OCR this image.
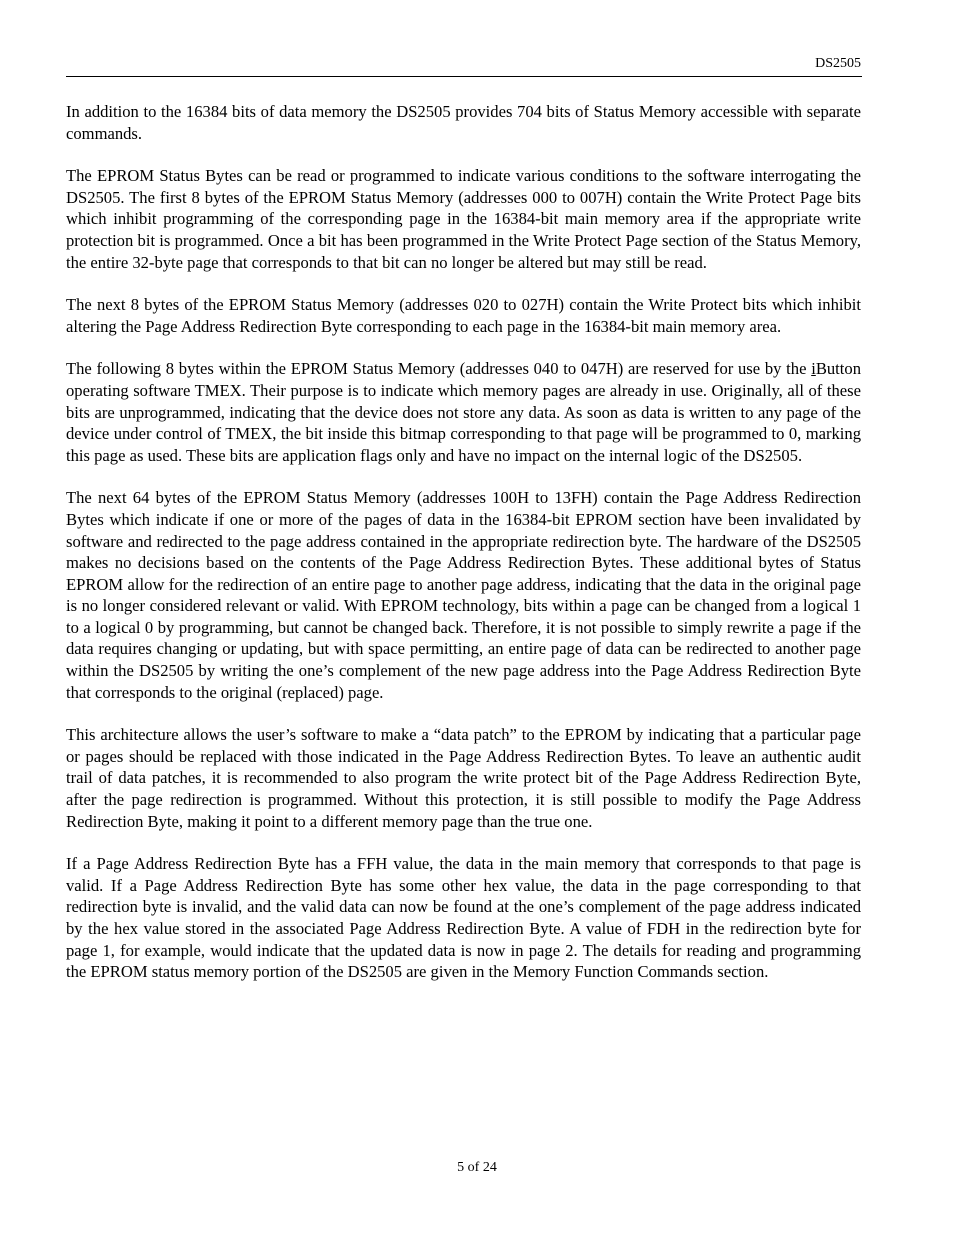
DS2505

In addition to the 16384 bits of data memory the DS2505 provides 704 bits of Status Memory accessible with separate commands.

The EPROM Status Bytes can be read or programmed to indicate various conditions to the software interrogating the DS2505. The first 8 bytes of the EPROM Status Memory (addresses 000 to 007H) contain the Write Protect Page bits which inhibit programming of the corresponding page in the 16384-bit main memory area if the appropriate write protection bit is programmed. Once a bit has been programmed in the Write Protect Page section of the Status Memory, the entire 32-byte page that corresponds to that bit can no longer be altered but may still be read.

The next 8 bytes of the EPROM Status Memory (addresses 020 to 027H) contain the Write Protect bits which inhibit altering the Page Address Redirection Byte corresponding to each page in the 16384-bit main memory area.

The following 8 bytes within the EPROM Status Memory (addresses 040 to 047H) are reserved for use by the iButton operating software TMEX. Their purpose is to indicate which memory pages are already in use. Originally, all of these bits are unprogrammed, indicating that the device does not store any data. As soon as data is written to any page of the device under control of TMEX, the bit inside this bitmap corresponding to that page will be programmed to 0, marking this page as used. These bits are application flags only and have no impact on the internal logic of the DS2505.

The next 64 bytes of the EPROM Status Memory (addresses 100H to 13FH) contain the Page Address Redirection Bytes which indicate if one or more of the pages of data in the 16384-bit EPROM section have been invalidated by software and redirected to the page address contained in the appropriate redirection byte. The hardware of the DS2505 makes no decisions based on the contents of the Page Address Redirection Bytes. These additional bytes of Status EPROM allow for the redirection of an entire page to another page address, indicating that the data in the original page is no longer considered relevant or valid. With EPROM technology, bits within a page can be changed from a logical 1 to a logical 0 by programming, but cannot be changed back. Therefore, it is not possible to simply rewrite a page if the data requires changing or updating, but with space permitting, an entire page of data can be redirected to another page within the DS2505 by writing the one’s complement of the new page address into the Page Address Redirection Byte that corresponds to the original (replaced) page.

This architecture allows the user’s software to make a “data patch” to the EPROM by indicating that a particular page or pages should be replaced with those indicated in the Page Address Redirection Bytes. To leave an authentic audit trail of data patches, it is recommended to also program the write protect bit of the Page Address Redirection Byte, after the page redirection is programmed. Without this protection, it is still possible to modify the Page Address Redirection Byte, making it point to a different memory page than the true one.

If a Page Address Redirection Byte has a FFH value, the data in the main memory that corresponds to that page is valid. If a Page Address Redirection Byte has some other hex value, the data in the page corresponding to that redirection byte is invalid, and the valid data can now be found at the one’s complement of the page address indicated by the hex value stored in the associated Page Address Redirection Byte. A value of FDH in the redirection byte for page 1, for example, would indicate that the updated data is now in page 2. The details for reading and programming the EPROM status memory portion of the DS2505 are given in the Memory Function Commands section.

5 of 24
